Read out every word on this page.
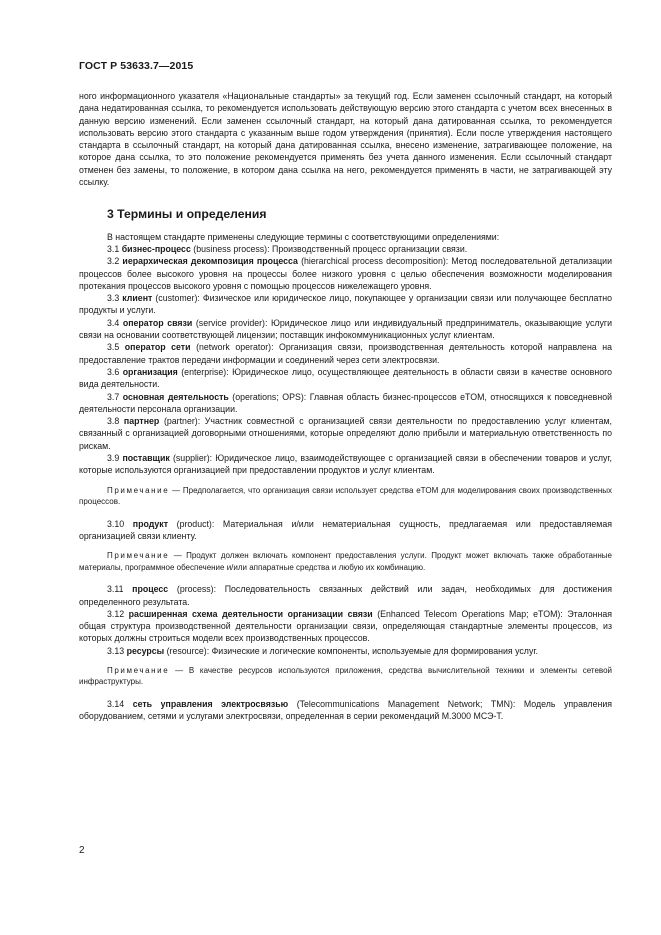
ГОСТ Р 53633.7—2015

ного информационного указателя «Национальные стандарты» за текущий год. Если заменен ссылочный стандарт, на который дана недатированная ссылка, то рекомендуется использовать действующую версию этого стандарта с учетом всех внесенных в данную версию изменений. Если заменен ссылочный стандарт, на который дана датированная ссылка, то рекомендуется использовать версию этого стандарта с указанным выше годом утверждения (принятия). Если после утверждения настоящего стандарта в ссылочный стандарт, на который дана датированная ссылка, внесено изменение, затрагивающее положение, на которое дана ссылка, то это положение рекомендуется применять без учета данного изменения. Если ссылочный стандарт отменен без замены, то положение, в котором дана ссылка на него, рекомендуется применять в части, не затрагивающей эту ссылку.

3 Термины и определения

В настоящем стандарте применены следующие термины с соответствующими определениями:

3.1 бизнес-процесс (business process): Производственный процесс организации связи.

3.2 иерархическая декомпозиция процесса (hierarchical process decomposition): Метод последовательной детализации процессов более высокого уровня на процессы более низкого уровня с целью обеспечения возможности моделирования протекания процессов высокого уровня с помощью процессов нижележащего уровня.

3.3 клиент (customer): Физическое или юридическое лицо, покупающее у организации связи или получающее бесплатно продукты и услуги.

3.4 оператор связи (service provider): Юридическое лицо или индивидуальный предприниматель, оказывающие услуги связи на основании соответствующей лицензии; поставщик инфокоммуникационных услуг клиентам.

3.5 оператор сети (network operator): Организация связи, производственная деятельность которой направлена на предоставление трактов передачи информации и соединений через сети электросвязи.

3.6 организация (enterprise): Юридическое лицо, осуществляющее деятельность в области связи в качестве основного вида деятельности.

3.7 основная деятельность (operations; OPS): Главная область бизнес-процессов eTOM, относящихся к повседневной деятельности персонала организации.

3.8 партнер (partner): Участник совместной с организацией связи деятельности по предоставлению услуг клиентам, связанный с организацией договорными отношениями, которые определяют долю прибыли и материальную ответственность по рискам.

3.9 поставщик (supplier): Юридическое лицо, взаимодействующее с организацией связи в обеспечении товаров и услуг, которые используются организацией при предоставлении продуктов и услуг клиентам.

Примечание — Предполагается, что организация связи использует средства eTOM для моделирования своих производственных процессов.

3.10 продукт (product): Материальная и/или нематериальная сущность, предлагаемая или предоставляемая организацией связи клиенту.

Примечание — Продукт должен включать компонент предоставления услуги. Продукт может включать также обработанные материалы, программное обеспечение и/или аппаратные средства и любую их комбинацию.

3.11 процесс (process): Последовательность связанных действий или задач, необходимых для достижения определенного результата.

3.12 расширенная схема деятельности организации связи (Enhanced Telecom Operations Map; eTOM): Эталонная общая структура производственной деятельности организации связи, определяющая стандартные элементы процессов, из которых должны строиться модели всех производственных процессов.

3.13 ресурсы (resource): Физические и логические компоненты, используемые для формирования услуг.

Примечание — В качестве ресурсов используются приложения, средства вычислительной техники и элементы сетевой инфраструктуры.

3.14 сеть управления электросвязью (Telecommunications Management Network; TMN): Модель управления оборудованием, сетями и услугами электросвязи, определенная в серии рекомендаций M.3000 МСЭ-Т.

2
